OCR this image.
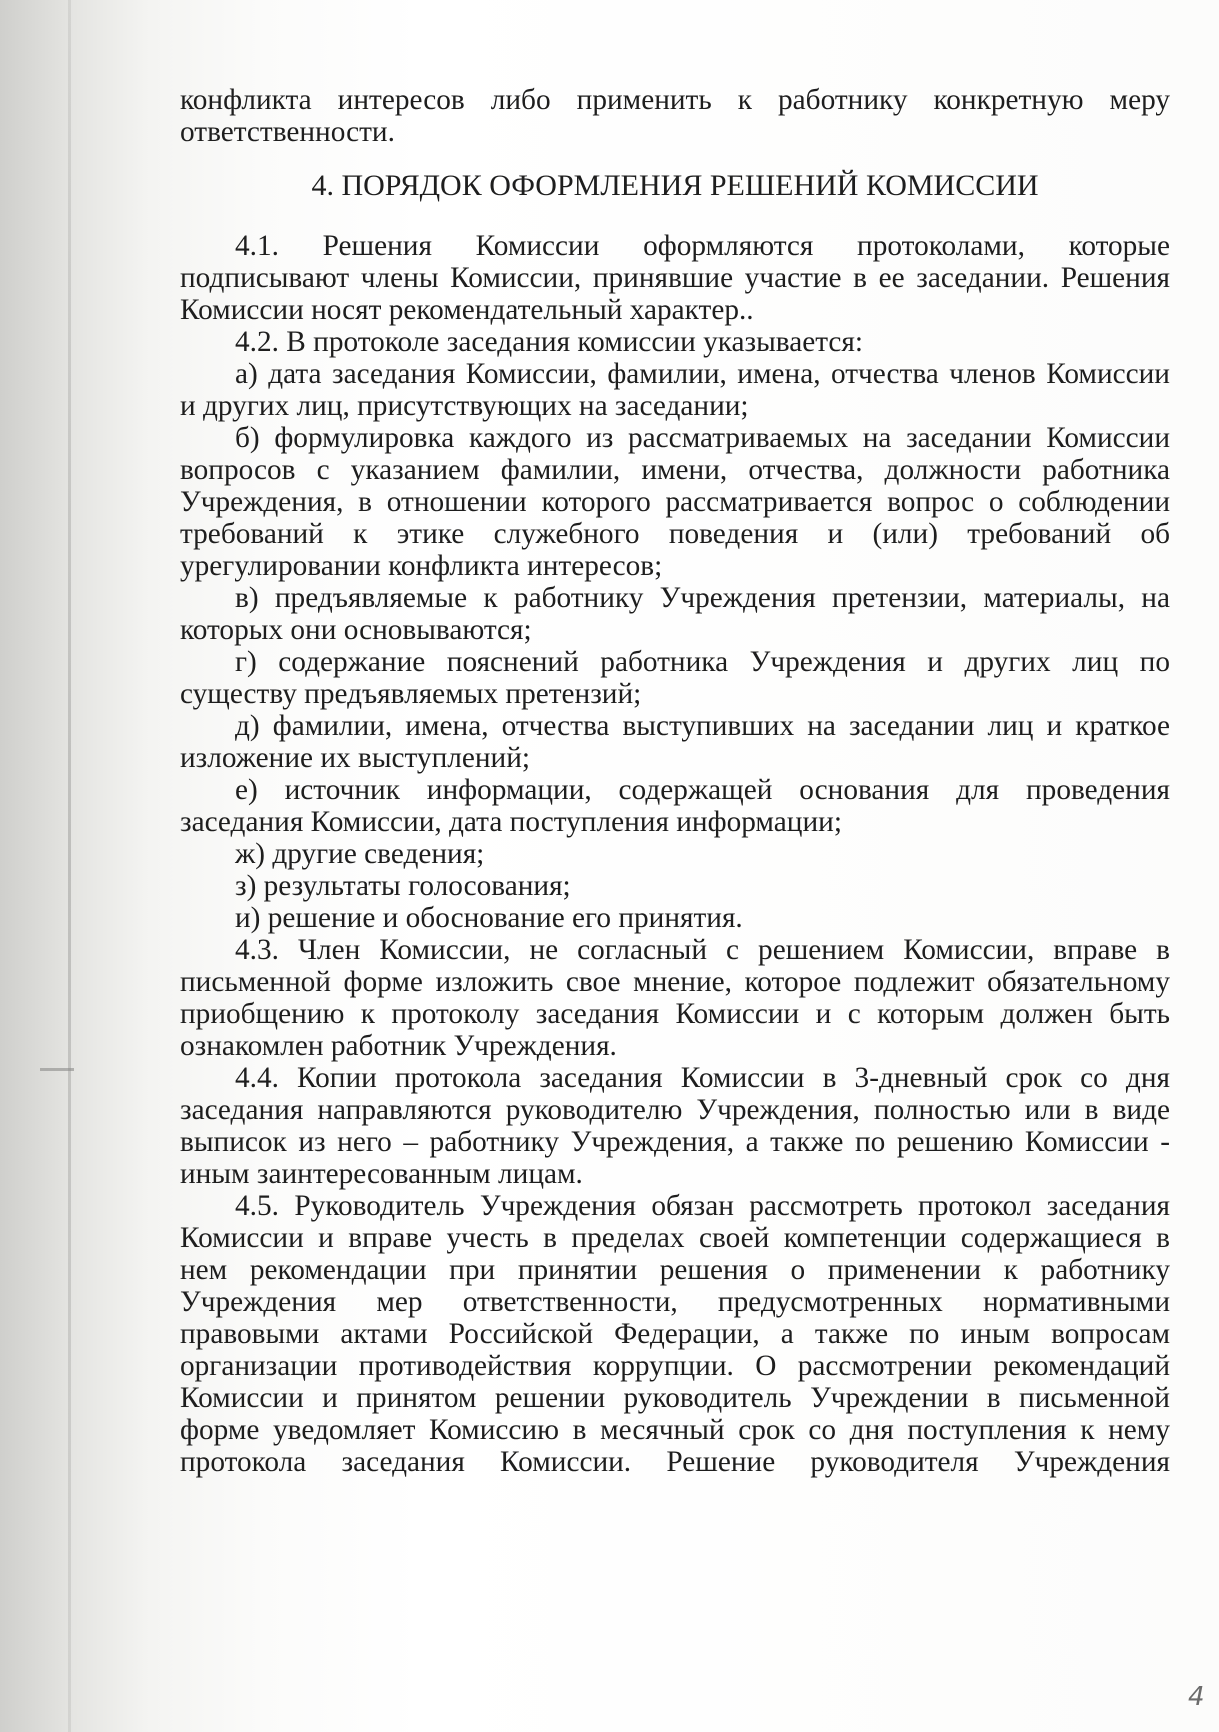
конфликта интересов либо применить к работнику конкретную меру

ответственности.

4. ПОРЯДОК ОФОРМЛЕНИЯ РЕШЕНИЙ КОМИССИИ

4.1. Решения Комиссии оформляются протоколами, которые

подписывают члены Комиссии, принявшие участие в ее заседании. Решения

Комиссии носят рекомендательный характер..

4.2. В протоколе заседания комиссии указывается:

а) дата заседания Комиссии, фамилии, имена, отчества членов Комиссии

и других лиц, присутствующих на заседании;

б) формулировка каждого из рассматриваемых на заседании Комиссии

вопросов с указанием фамилии, имени, отчества, должности работника

Учреждения, в отношении которого рассматривается вопрос о соблюдении

требований к этике служебного поведения и (или) требований об

урегулировании конфликта интересов;

в) предъявляемые к работнику Учреждения претензии, материалы, на

которых они основываются;

г) содержание пояснений работника Учреждения и других лиц по

существу предъявляемых претензий;

д) фамилии, имена, отчества выступивших на заседании лиц и краткое

изложение их выступлений;

е) источник информации, содержащей основания для проведения

заседания Комиссии, дата поступления информации;

ж) другие сведения;

з) результаты голосования;

и) решение и обоснование его принятия.

4.3. Член Комиссии, не согласный с решением Комиссии, вправе в

письменной форме изложить свое мнение, которое подлежит обязательному

приобщению к протоколу заседания Комиссии и с которым должен быть

ознакомлен работник Учреждения.

4.4. Копии протокола заседания Комиссии в 3-дневный срок со дня

заседания направляются руководителю Учреждения, полностью или в виде

выписок из него – работнику Учреждения, а также по решению Комиссии -

иным заинтересованным лицам.

4.5. Руководитель Учреждения обязан рассмотреть протокол заседания

Комиссии и вправе учесть в пределах своей компетенции содержащиеся в

нем рекомендации при принятии решения о применении к работнику

Учреждения мер ответственности, предусмотренных нормативными

правовыми актами Российской Федерации, а также по иным вопросам

организации противодействия коррупции. О рассмотрении рекомендаций

Комиссии и принятом решении руководитель Учреждении в письменной

форме уведомляет Комиссию в месячный срок со дня поступления к нему

протокола заседания Комиссии. Решение руководителя Учреждения

4
